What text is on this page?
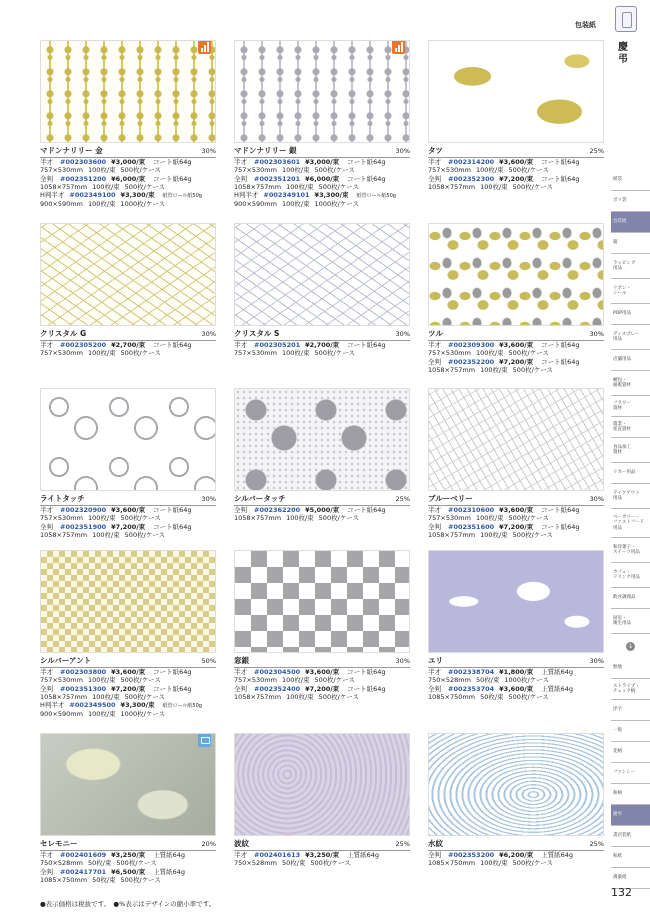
包装紙
慶弔
紙袋
ポリ袋
包装紙
箱
ラッピング
用品
リボン・
シール
POP用品
ディスプレー
用品
店舗用品
梱包・
通販資材
フラワー
資材
農業・
産直資材
食品加工
資材
リカー用品
テイクアウト
用品
ベーカリー・
ファストフード
用品
和洋菓子・
スイーツ用品
カフェ・
ドリンク用品
飲食調理品
厨房・
衛生用品
↓
無地
ストライプ・
チェック柄
洋字
一般
花柄
ファンシー
和柄
慶弔
書店装紙
和紙
薄葉紙
マドンナリリー 金	30%
半才 #002303600 ¥3,000/束 コート紙64g
757×530mm 100枚/束 500枚/ケース
全判 #002351200 ¥6,000/束 コート紙64g
1058×757mm 100枚/束 500枚/ケース
H判半才 #002349100 ¥3,300/束 紙管ロール紙50g
900×590mm 100枚/束 1000枚/ケース
マドンナリリー 銀	30%
半才 #002303601 ¥3,000/束 コート紙64g
757×530mm 100枚/束 500枚/ケース
全判 #002351201 ¥6,000/束 コート紙64g
1058×757mm 100枚/束 500枚/ケース
H判半才 #002349101 ¥3,300/束 紙管ロール紙50g
900×590mm 100枚/束 1000枚/ケース
タツ	25%
半才 #002314200 ¥3,600/束 コート紙64g
757×530mm 100枚/束 500枚/ケース
全判 #002352300 ¥7,200/束 コート紙64g
1058×757mm 100枚/束 500枚/ケース
クリスタル G	30%
半才 #002305200 ¥2,700/束 コート紙64g
757×530mm 100枚/束 500枚/ケース
クリスタル S	30%
半才 #002305201 ¥2,700/束 コート紙64g
757×530mm 100枚/束 500枚/ケース
ツル	30%
半才 #002309300 ¥3,600/束 コート紙64g
757×530mm 100枚/束 500枚/ケース
全判 #002352200 ¥7,200/束 コート紙64g
1058×757mm 100枚/束 500枚/ケース
ライトタッチ	30%
半才 #002320900 ¥3,600/束 コート紙64g
757×530mm 100枚/束 500枚/ケース
全判 #002351900 ¥7,200/束 コート紙64g
1058×757mm 100枚/束 500枚/ケース
シルバータッチ	25%
全判 #002362200 ¥5,000/束 コート紙64g
1058×757mm 100枚/束 500枚/ケース
ブルーベリー	30%
半才 #002310600 ¥3,600/束 コート紙64g
757×530mm 100枚/束 500枚/ケース
全判 #002351600 ¥7,200/束 コート紙64g
1058×757mm 100枚/束 500枚/ケース
シルバーアント	50%
半才 #002303800 ¥3,600/束 コート紙64g
757×530mm 100枚/束 500枚/ケース
全判 #002351300 ¥7,200/束 コート紙64g
1058×757mm 100枚/束 500枚/ケース
H判半才 #002349500 ¥3,300/束 紙管ロール紙50g
900×590mm 100枚/束 1000枚/ケース
窓銀	30%
半才 #002304500 ¥3,600/束 コート紙64g
757×530mm 100枚/束 500枚/ケース
全判 #002352400 ¥7,200/束 コート紙64g
1058×757mm 100枚/束 500枚/ケース
ユリ	30%
半才 #002338704 ¥1,800/束 上質紙64g
750×528mm 50枚/束 1000枚/ケース
全判 #002353704 ¥3,600/束 上質紙64g
1085×750mm 50枚/束 500枚/ケース
セレモニー	20%
半才 #002401609 ¥3,250/束 上質紙64g
750×528mm 50枚/束 500枚/ケース
全判 #002417701 ¥6,500/束 上質紙64g
1085×750mm 50枚/束 500枚/ケース
波紋	25%
半才 #002401613 ¥3,250/束 上質紙64g
750×528mm 50枚/束 500枚/ケース
水紋	25%
全判 #002353200 ¥6,200/束 上質紙64g
1085×750mm 100枚/束 500枚/ケース
●表示価格は税抜です。　●%表示はデザインの縮小率です。
132
